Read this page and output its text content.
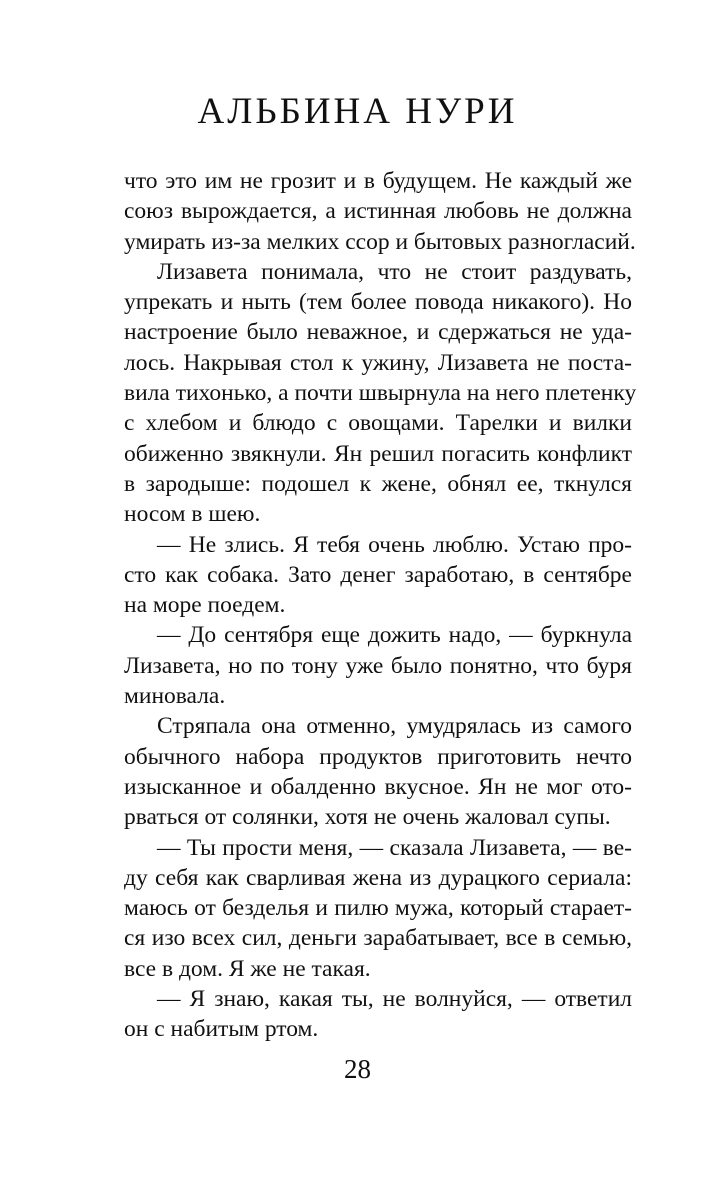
АЛЬБИНА НУРИ
что это им не грозит и в будущем. Не каждый же
союз вырождается, а истинная любовь не должна
умирать из-за мелких ссор и бытовых разногласий.
Лизавета понимала, что не стоит раздувать,
упрекать и ныть (тем более повода никакого). Но
настроение было неважное, и сдержаться не уда-
лось. Накрывая стол к ужину, Лизавета не поста-
вила тихонько, а почти швырнула на него плетенку
с хлебом и блюдо с овощами. Тарелки и вилки
обиженно звякнули. Ян решил погасить конфликт
в зародыше: подошел к жене, обнял ее, ткнулся
носом в шею.
— Не злись. Я тебя очень люблю. Устаю про-
сто как собака. Зато денег заработаю, в сентябре
на море поедем.
— До сентября еще дожить надо, — буркнула
Лизавета, но по тону уже было понятно, что буря
миновала.
Стряпала она отменно, умудрялась из самого
обычного набора продуктов приготовить нечто
изысканное и обалденно вкусное. Ян не мог ото-
рваться от солянки, хотя не очень жаловал супы.
— Ты прости меня, — сказала Лизавета, — ве-
ду себя как сварливая жена из дурацкого сериала:
маюсь от безделья и пилю мужа, который старает-
ся изо всех сил, деньги зарабатывает, все в семью,
все в дом. Я же не такая.
— Я знаю, какая ты, не волнуйся, — ответил
он с набитым ртом.
28
